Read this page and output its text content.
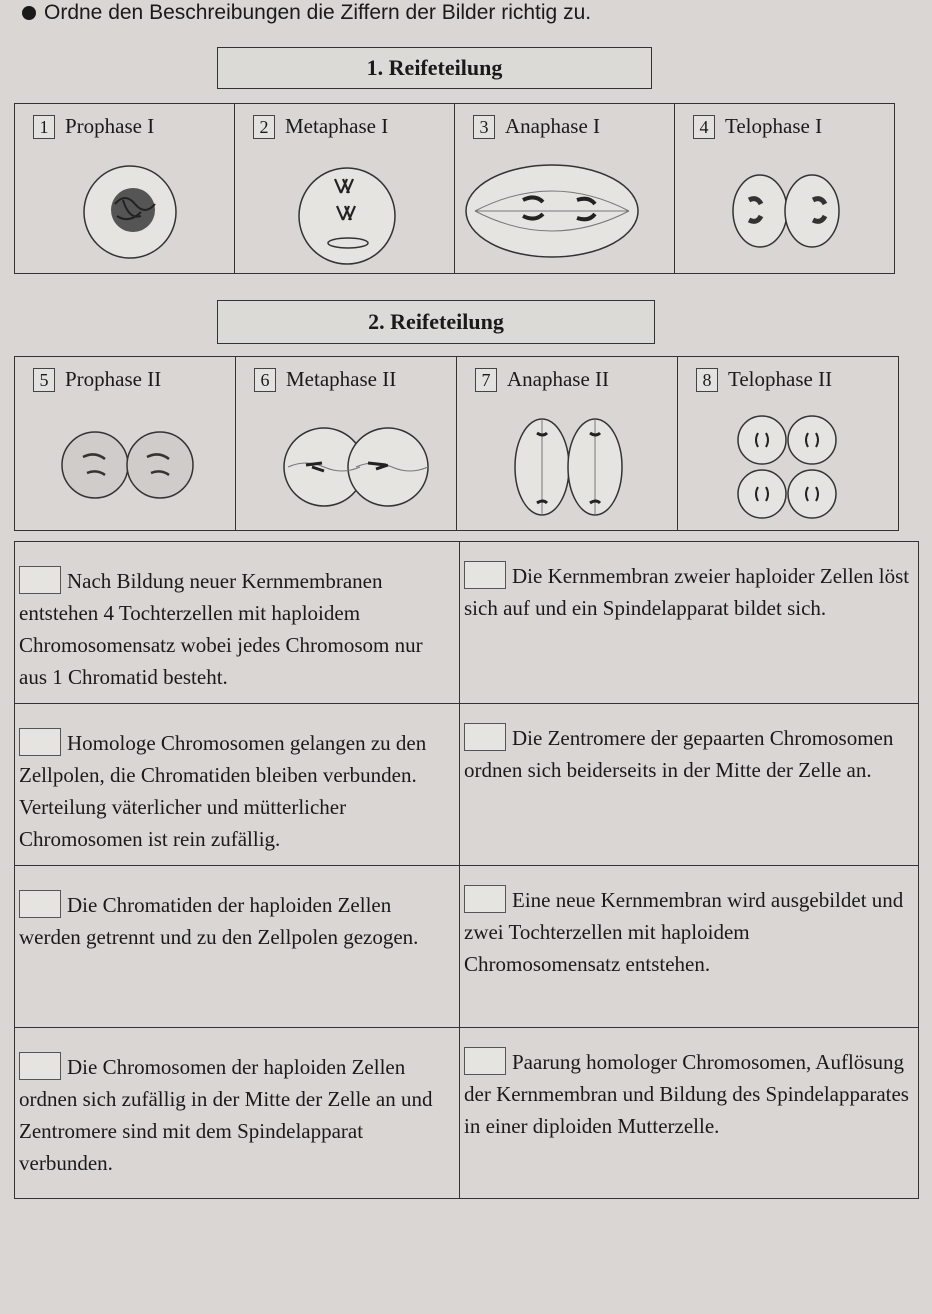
Ordne den Beschreibungen die Ziffern der Bilder richtig zu.
1. Reifeteilung
1 Prophase I	2 Metaphase I	3 Anaphase I	4 Telophase I
2. Reifeteilung
5 Prophase II	6 Metaphase II	7 Anaphase II	8 Telophase II
Nach Bildung neuer Kernmembranen entstehen 4 Tochterzellen mit haploidem Chromosomensatz wobei jedes Chromosom nur aus 1 Chromatid besteht.	Die Kernmembran zweier haploider Zellen löst sich auf und ein Spindelapparat bildet sich.

Homologe Chromosomen gelangen zu den Zellpolen, die Chromatiden bleiben verbunden. Verteilung väterlicher und mütterlicher Chromosomen ist rein zufällig.	Die Zentromere der gepaarten Chromosomen ordnen sich beiderseits in der Mitte der Zelle an.

Die Chromatiden der haploiden Zellen werden getrennt und zu den Zellpolen gezogen.	Eine neue Kernmembran wird ausgebildet und zwei Tochterzellen mit haploidem Chromosomensatz entstehen.

Die Chromosomen der haploiden Zellen ordnen sich zufällig in der Mitte der Zelle an und Zentromere sind mit dem Spindelapparat verbunden.	Paarung homologer Chromosomen, Auflösung der Kernmembran und Bildung des Spindelapparates in einer diploiden Mutterzelle.
